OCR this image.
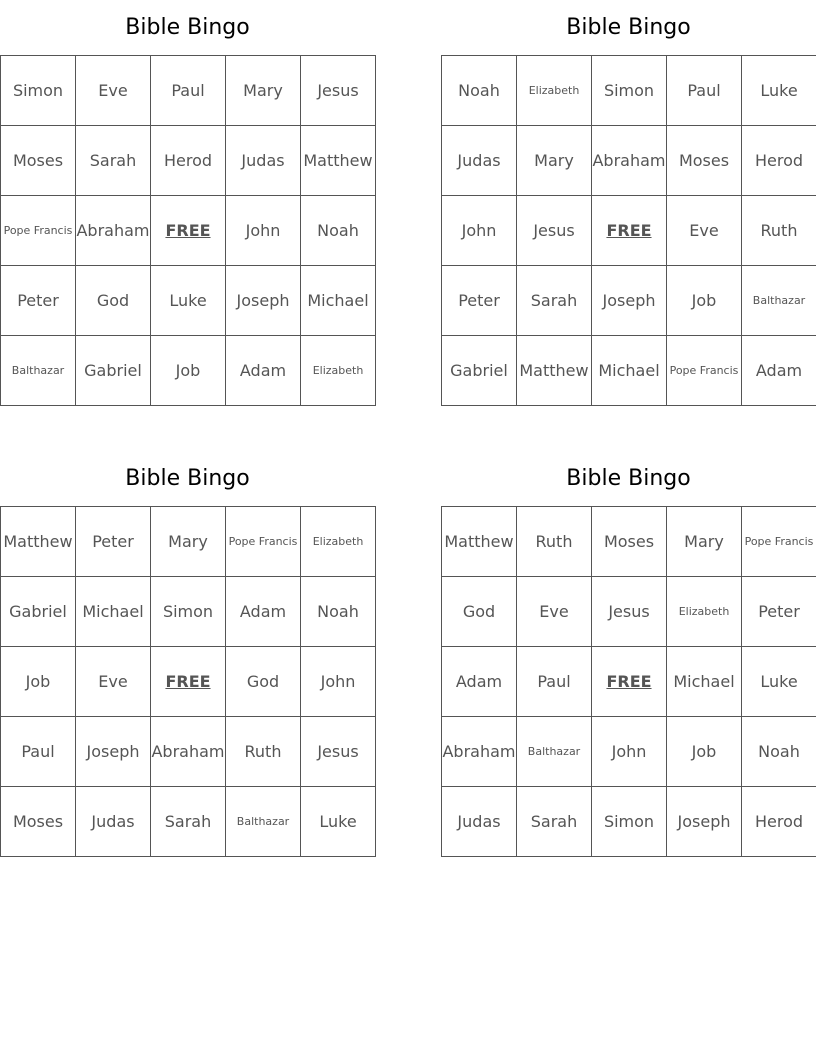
Bible Bingo
Simon	Eve	Paul	Mary	Jesus
Moses	Sarah	Herod	Judas	Matthew
Pope Francis	Abraham	FREE	John	Noah
Peter	God	Luke	Joseph	Michael
Balthazar	Gabriel	Job	Adam	Elizabeth
Bible Bingo
Noah	Elizabeth	Simon	Paul	Luke
Judas	Mary	Abraham	Moses	Herod
John	Jesus	FREE	Eve	Ruth
Peter	Sarah	Joseph	Job	Balthazar
Gabriel	Matthew	Michael	Pope Francis	Adam
Bible Bingo
Matthew	Peter	Mary	Pope Francis	Elizabeth
Gabriel	Michael	Simon	Adam	Noah
Job	Eve	FREE	God	John
Paul	Joseph	Abraham	Ruth	Jesus
Moses	Judas	Sarah	Balthazar	Luke
Bible Bingo
Matthew	Ruth	Moses	Mary	Pope Francis
God	Eve	Jesus	Elizabeth	Peter
Adam	Paul	FREE	Michael	Luke
Abraham	Balthazar	John	Job	Noah
Judas	Sarah	Simon	Joseph	Herod
